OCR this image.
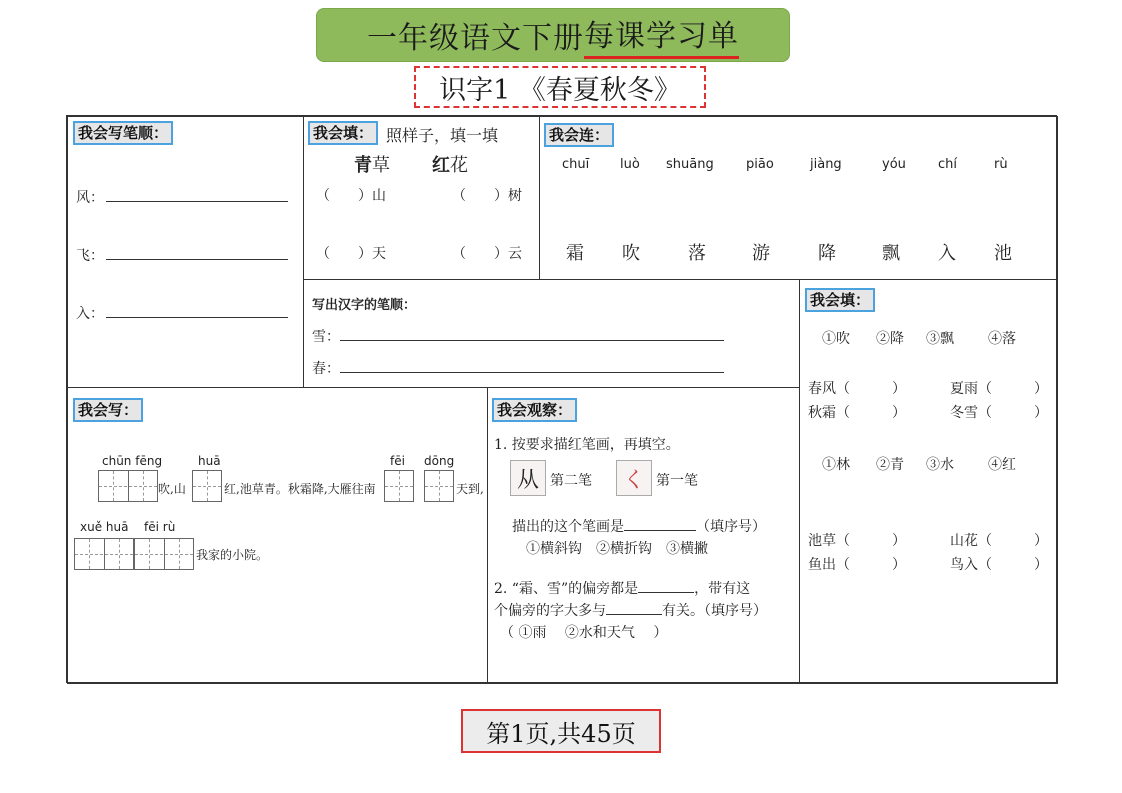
一年级语文下册 每课学习单
识字1 《春夏秋冬》
我会写笔顺：
风：
飞：
入：
我会填： 照样子，填一填
青草 红花
（　　）山	（　　）树
（　　）天	（　　）云
我会连：
chuī luò shuāng piāo	jiàng	yóu chí	rù
霜 吹	落	游	降	飘 入 池
写出汉字的笔顺：
雪：
春：
我会填：
①吹 ②降 ③飘 ④落
春风（	）	夏雨（	）
秋霜（	）	冬雪（	）
①林 ②青 ③水 ④红
池草（	）	山花（	）
鱼出（	）	鸟入（	）
我会写：
chūn fēng
吹,山
huā
红,池草青。秋霜降,大雁往南
fēi dōng
天到,
xuě huā fēi rù
我家的小院。
我会观察：
1. 按要求描红笔画，再填空。
从 第二笔	く 第一笔
描出的这个笔画是	（填序号）
①横斜钩　②横折钩　③横撇
2. “霜、雪”的偏旁都是	，带有这
个偏旁的字大多与	有关。（填序号）
（ ①雨　 ②水和天气　 ）
第1页,共45页
